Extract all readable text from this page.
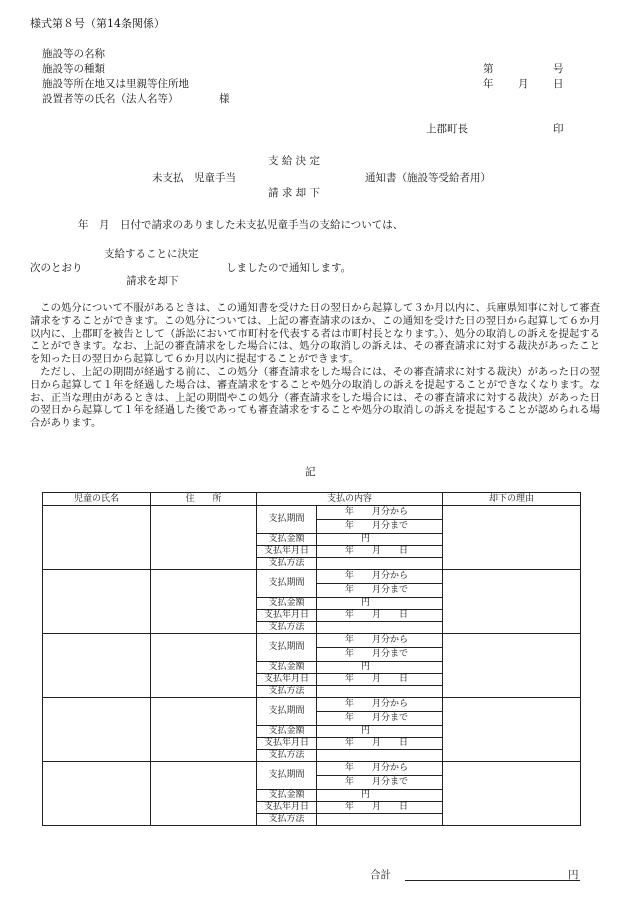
様式第８号（第14条関係）
施設等の名称
施設等の種類
施設等所在地又は里親等住所地
設置者等の氏名（法人名等）	様
第	号
年 月 日
上郡町長	印
支 給 決 定
未支払　児童手当	通知書（施設等受給者用）
請 求 却 下
年　月　日付で請求のありました未支払児童手当の支給については、
支給することに決定
次のとおり	しましたので通知します。
請求を却下

この処分について不服があるときは、この通知書を受けた日の翌日から起算して３か月以内に、兵庫県知事に対して審査請求をすることができます。この処分については、上記の審査請求のほか、この通知を受けた日の翌日から起算して６か月以内に、上郡町を被告として（訴訟において市町村を代表する者は市町村長となります。）、処分の取消しの訴えを提起することができます。なお、上記の審査請求をした場合には、処分の取消しの訴えは、その審査請求に対する裁決があったことを知った日の翌日から起算して６か月以内に提起することができます。

ただし、上記の期間が経過する前に、この処分（審査請求をした場合には、その審査請求に対する裁決）があった日の翌日から起算して１年を経過した場合は、審査請求をすることや処分の取消しの訴えを提起することができなくなります。なお、正当な理由があるときは、上記の期間やこの処分（審査請求をした場合には、その審査請求に対する裁決）があった日の翌日から起算して１年を経過した後であっても審査請求をすることや処分の取消しの訴えを提起することが認められる場合があります。

記
児童の氏名	住　　所	支払の内容		却下の理由
		支払期間	年　　月分から	
			年　　月分まで	
		支払金額	円	
		支払年月日	年　　月　　日	
		支払方法		
		支払期間	年　　月分から	
			年　　月分まで	
		支払金額	円	
		支払年月日	年　　月　　日	
		支払方法		
		支払期間	年　　月分から	
			年　　月分まで	
		支払金額	円	
		支払年月日	年　　月　　日	
		支払方法		
		支払期間	年　　月分から	
			年　　月分まで	
		支払金額	円	
		支払年月日	年　　月　　日	
		支払方法		
		支払期間	年　　月分から	
			年　　月分まで	
		支払金額	円	
		支払年月日	年　　月　　日	
		支払方法		
合計	円
